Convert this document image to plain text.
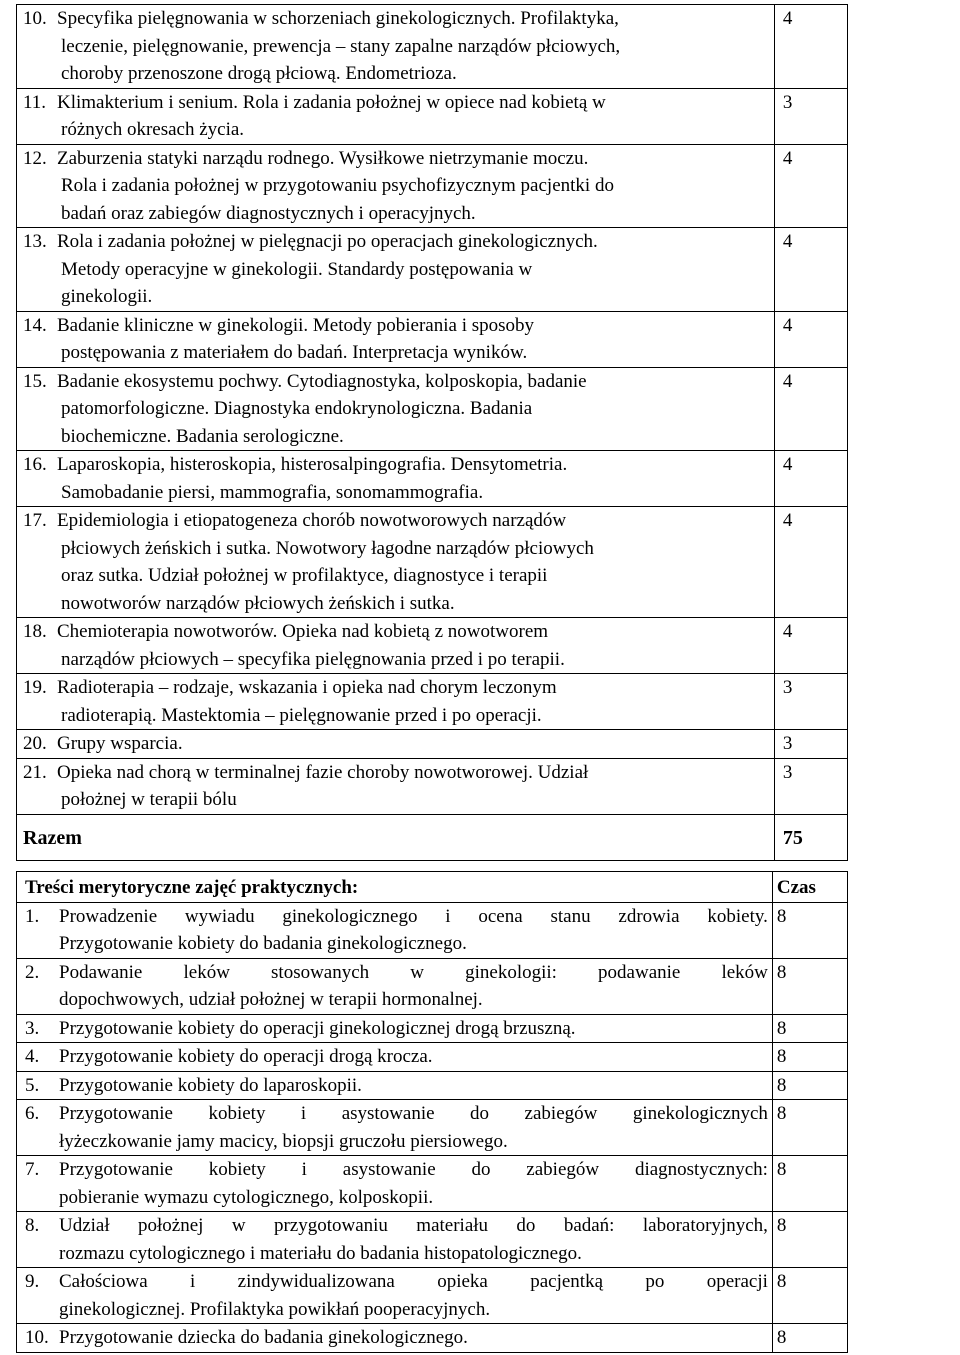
10. Specyfika pielęgnowania w schorzeniach ginekologicznych. Profilaktyka,
leczenie, pielęgnowanie, prewencja – stany zapalne narządów płciowych,
choroby przenoszone drogą płciową. Endometrioza.	4

11. Klimakterium i senium. Rola i zadania położnej w opiece nad kobietą w
różnych okresach życia.	3

12. Zaburzenia statyki narządu rodnego. Wysiłkowe nietrzymanie moczu.
Rola i zadania położnej w przygotowaniu psychofizycznym pacjentki do
badań oraz zabiegów diagnostycznych i operacyjnych.	4

13. Rola i zadania położnej w pielęgnacji po operacjach ginekologicznych.
Metody operacyjne w ginekologii. Standardy postępowania w
ginekologii.	4

14. Badanie kliniczne w ginekologii. Metody pobierania i sposoby
postępowania z materiałem do badań. Interpretacja wyników.	4

15. Badanie ekosystemu pochwy. Cytodiagnostyka, kolposkopia, badanie
patomorfologiczne. Diagnostyka endokrynologiczna. Badania
biochemiczne. Badania serologiczne.	4

16. Laparoskopia, histeroskopia, histerosalpingografia. Densytometria.
Samobadanie piersi, mammografia, sonomammografia.	4

17. Epidemiologia i etiopatogeneza chorób nowotworowych narządów
płciowych żeńskich i sutka. Nowotwory łagodne narządów płciowych
oraz sutka. Udział położnej w profilaktyce, diagnostyce i terapii
nowotworów narządów płciowych żeńskich i sutka.	4

18. Chemioterapia nowotworów. Opieka nad kobietą z nowotworem
narządów płciowych – specyfika pielęgnowania przed i po terapii.	4

19. Radioterapia – rodzaje, wskazania i opieka nad chorym leczonym
radioterapią. Mastektomia – pielęgnowanie przed i po operacji.	3

20. Grupy wsparcia.	3

21. Opieka nad chorą w terminalnej fazie choroby nowotworowej. Udział
położnej w terapii bólu	3
Razem	75
Treści merytoryczne zajęć praktycznych:	Czas

1. Prowadzenie wywiadu ginekologicznego i ocena stanu zdrowia kobiety.
Przygotowanie kobiety do badania ginekologicznego.	8

2. Podawanie leków stosowanych w ginekologii: podawanie leków
dopochwowych, udział położnej w terapii hormonalnej.	8

3. Przygotowanie kobiety do operacji ginekologicznej drogą brzuszną.	8

4. Przygotowanie kobiety do operacji drogą krocza.	8

5. Przygotowanie kobiety do laparoskopii.	8

6. Przygotowanie kobiety i asystowanie do zabiegów ginekologicznych
łyżeczkowanie jamy macicy, biopsji gruczołu piersiowego.	8

7. Przygotowanie kobiety i asystowanie do zabiegów diagnostycznych:
pobieranie wymazu cytologicznego, kolposkopii.	8

8. Udział położnej w przygotowaniu materiału do badań: laboratoryjnych,
rozmazu cytologicznego i materiału do badania histopatologicznego.	8

9. Całościowa i zindywidualizowana opieka pacjentką po operacji
ginekologicznej. Profilaktyka powikłań pooperacyjnych.	8

10. Przygotowanie dziecka do badania ginekologicznego.	8
